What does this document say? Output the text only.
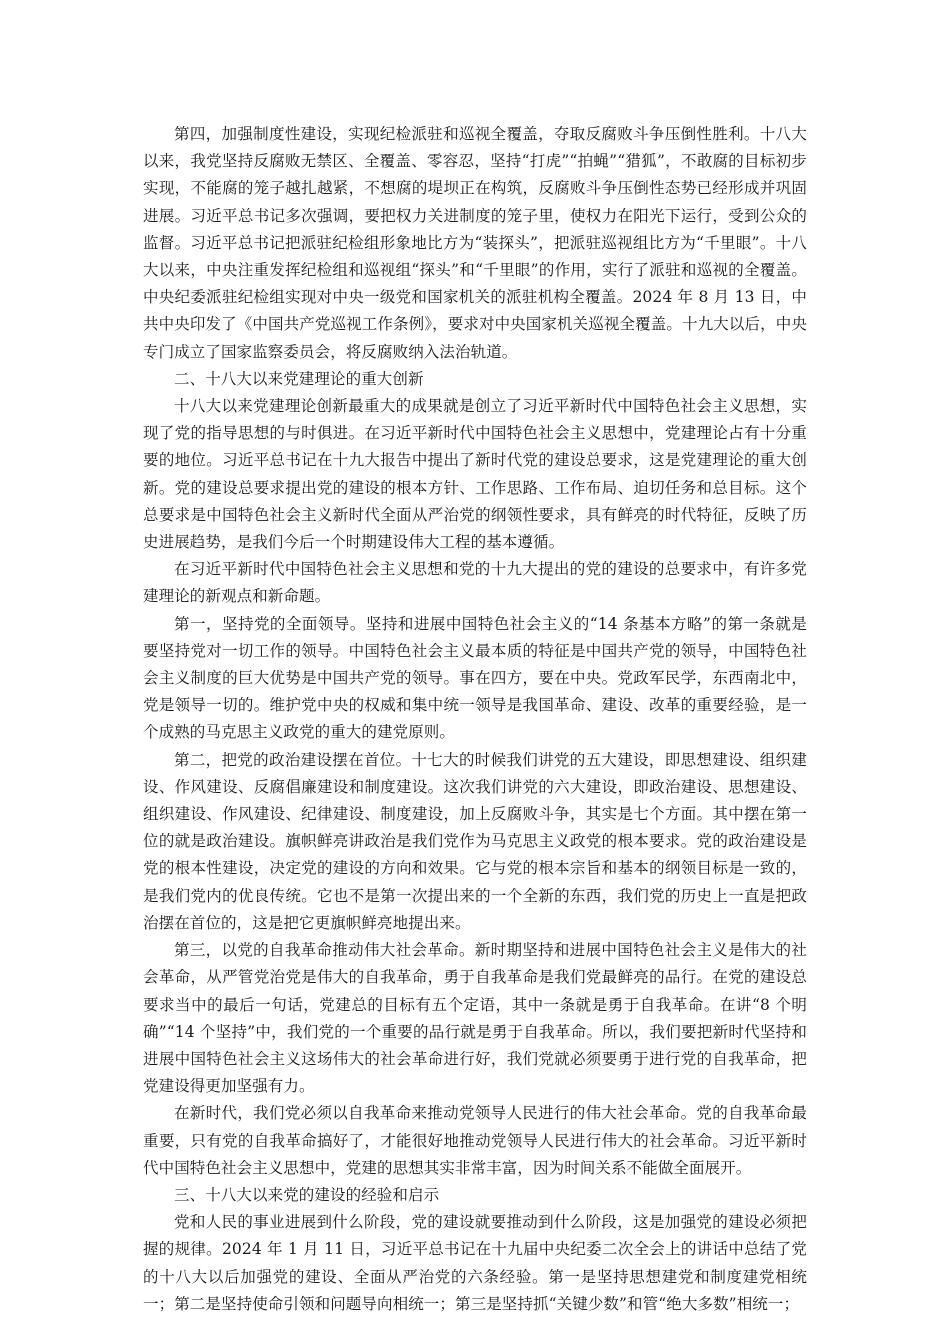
第四，加强制度性建设，实现纪检派驻和巡视全覆盖，夺取反腐败斗争压倒性胜利。十八大以来，我党坚持反腐败无禁区、全覆盖、零容忍，坚持“打虎”“拍蝇”“猎狐”，不敢腐的目标初步实现，不能腐的笼子越扎越紧，不想腐的堤坝正在构筑，反腐败斗争压倒性态势已经形成并巩固进展。习近平总书记多次强调，要把权力关进制度的笼子里，使权力在阳光下运行，受到公众的监督。习近平总书记把派驻纪检组形象地比方为“装探头”，把派驻巡视组比方为“千里眼”。十八大以来，中央注重发挥纪检组和巡视组“探头”和“千里眼”的作用，实行了派驻和巡视的全覆盖。中央纪委派驻纪检组实现对中央一级党和国家机关的派驻机构全覆盖。2024 年 8 月 13 日，中共中央印发了《中国共产党巡视工作条例》，要求对中央国家机关巡视全覆盖。十九大以后，中央专门成立了国家监察委员会，将反腐败纳入法治轨道。

二、十八大以来党建理论的重大创新

十八大以来党建理论创新最重大的成果就是创立了习近平新时代中国特色社会主义思想，实现了党的指导思想的与时俱进。在习近平新时代中国特色社会主义思想中，党建理论占有十分重要的地位。习近平总书记在十九大报告中提出了新时代党的建设总要求，这是党建理论的重大创新。党的建设总要求提出党的建设的根本方针、工作思路、工作布局、迫切任务和总目标。这个总要求是中国特色社会主义新时代全面从严治党的纲领性要求，具有鲜亮的时代特征，反映了历史进展趋势，是我们今后一个时期建设伟大工程的基本遵循。

在习近平新时代中国特色社会主义思想和党的十九大提出的党的建设的总要求中，有许多党建理论的新观点和新命题。

第一，坚持党的全面领导。坚持和进展中国特色社会主义的“14 条基本方略”的第一条就是要坚持党对一切工作的领导。中国特色社会主义最本质的特征是中国共产党的领导，中国特色社会主义制度的巨大优势是中国共产党的领导。事在四方，要在中央。党政军民学，东西南北中，党是领导一切的。维护党中央的权威和集中统一领导是我国革命、建设、改革的重要经验，是一个成熟的马克思主义政党的重大的建党原则。

第二，把党的政治建设摆在首位。十七大的时候我们讲党的五大建设，即思想建设、组织建设、作风建设、反腐倡廉建设和制度建设。这次我们讲党的六大建设，即政治建设、思想建设、组织建设、作风建设、纪律建设、制度建设，加上反腐败斗争，其实是七个方面。其中摆在第一位的就是政治建设。旗帜鲜亮讲政治是我们党作为马克思主义政党的根本要求。党的政治建设是党的根本性建设，决定党的建设的方向和效果。它与党的根本宗旨和基本的纲领目标是一致的，是我们党内的优良传统。它也不是第一次提出来的一个全新的东西，我们党的历史上一直是把政治摆在首位的，这是把它更旗帜鲜亮地提出来。

第三，以党的自我革命推动伟大社会革命。新时期坚持和进展中国特色社会主义是伟大的社会革命，从严管党治党是伟大的自我革命，勇于自我革命是我们党最鲜亮的品行。在党的建设总要求当中的最后一句话，党建总的目标有五个定语，其中一条就是勇于自我革命。在讲“8 个明确”“14 个坚持”中，我们党的一个重要的品行就是勇于自我革命。所以，我们要把新时代坚持和进展中国特色社会主义这场伟大的社会革命进行好，我们党就必须要勇于进行党的自我革命，把党建设得更加坚强有力。

在新时代，我们党必须以自我革命来推动党领导人民进行的伟大社会革命。党的自我革命最重要，只有党的自我革命搞好了，才能很好地推动党领导人民进行伟大的社会革命。习近平新时代中国特色社会主义思想中，党建的思想其实非常丰富，因为时间关系不能做全面展开。

三、十八大以来党的建设的经验和启示

党和人民的事业进展到什么阶段，党的建设就要推动到什么阶段，这是加强党的建设必须把握的规律。2024 年 1 月 11 日，习近平总书记在十九届中央纪委二次全会上的讲话中总结了党的十八大以后加强党的建设、全面从严治党的六条经验。第一是坚持思想建党和制度建党相统一；第二是坚持使命引领和问题导向相统一；第三是坚持抓“关键少数”和管“绝大多数”相统一；
